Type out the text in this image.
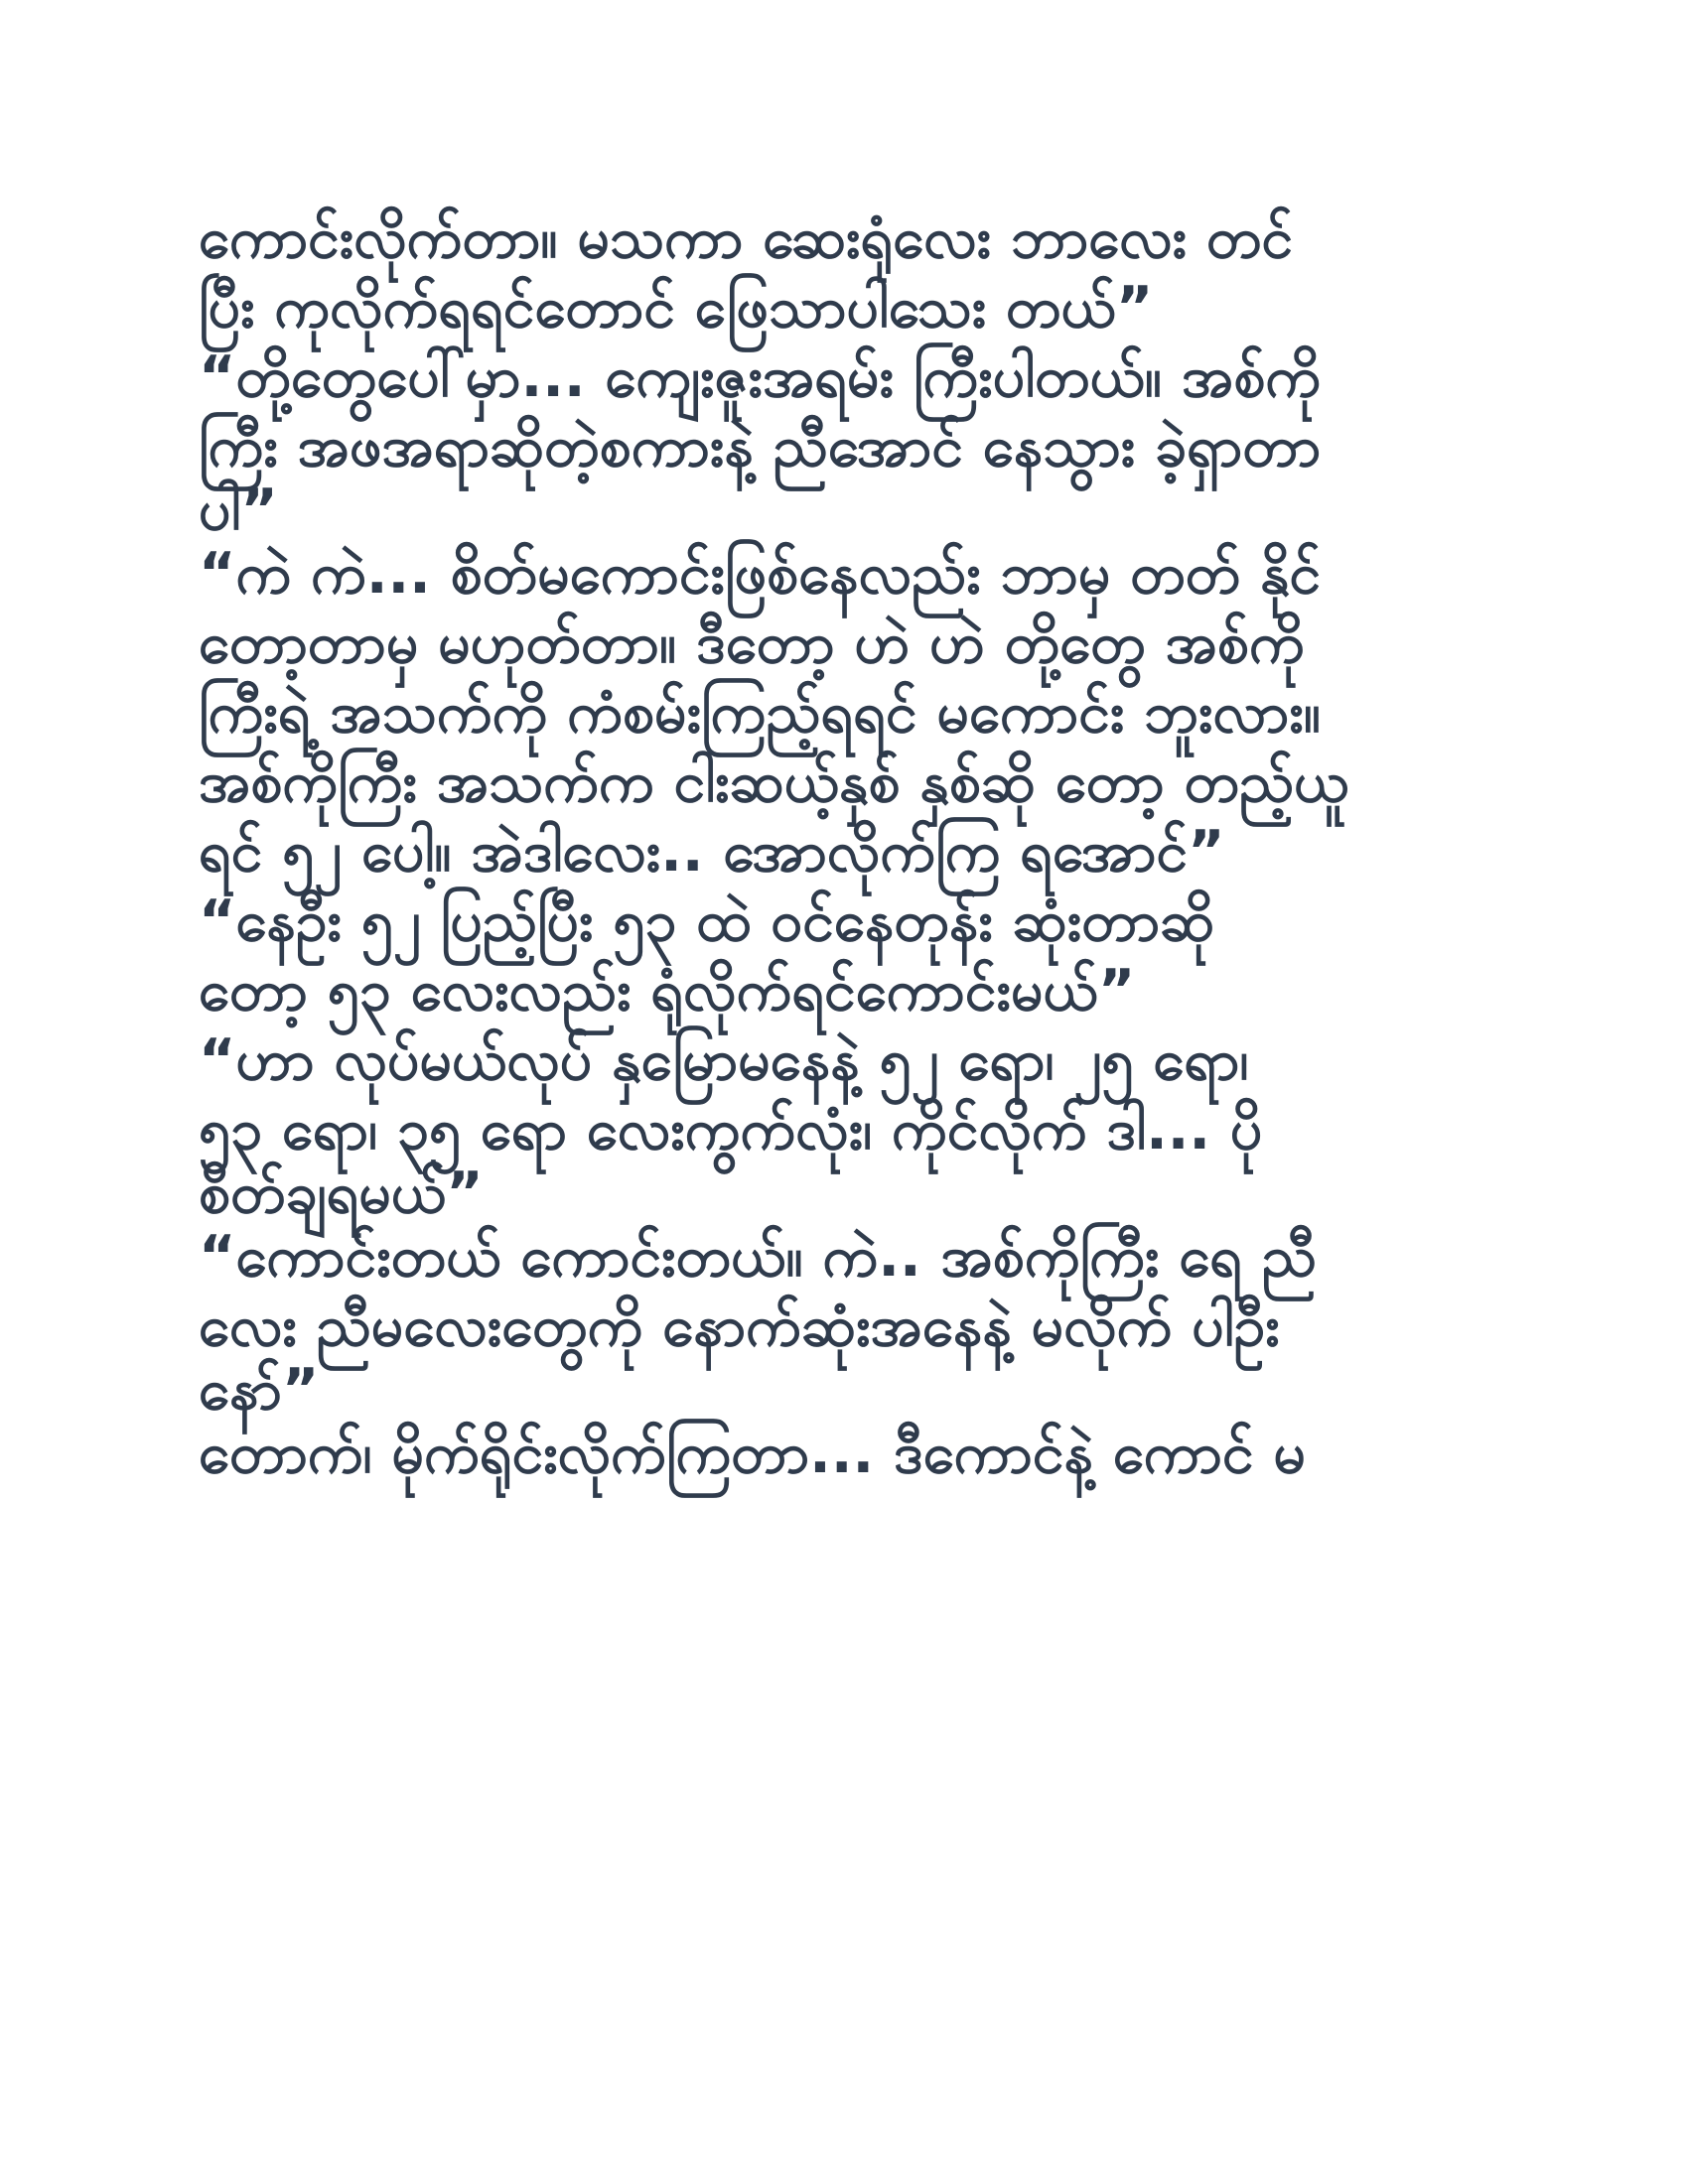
ကောင်းလိုက်တာ။ မသကာ ဆေးရုံလေး ဘာလေး တင်
ပြီး ကုလိုက်ရရင်တောင် ဖြေသာပါသေး တယ်”
“တို့တွေပေါ်မှာ... ကျေးဇူးအရမ်း ကြီးပါတယ်။ အစ်ကို
ကြီး အဖအရာဆိုတဲ့စကားနဲ့ ညီအောင် နေသွား ခဲ့ရှာတာ
ပါ”
“ကဲ ကဲ... စိတ်မကောင်းဖြစ်နေလည်း ဘာမှ တတ် နိုင်
တော့တာမှ မဟုတ်တာ။ ဒီတော့ ဟဲ ဟဲ တို့တွေ အစ်ကို
ကြီးရဲ့ အသက်ကို ကံစမ်းကြည့်ရရင် မကောင်း ဘူးလား။
အစ်ကိုကြီး အသက်က ငါးဆယ့်နှစ် နှစ်ဆို တော့ တည့်ယူ
ရင် ၅၂ ပေါ့။ အဲဒါလေး.. အောလိုက်ကြ ရအောင်”
“နေဦး ၅၂ ပြည့်ပြီး ၅၃ ထဲ ဝင်နေတုန်း ဆုံးတာဆို
တော့ ၅၃ လေးလည်း ရုံလိုက်ရင်ကောင်းမယ်”
“ဟာ လုပ်မယ်လုပ် နှမြောမနေနဲ့ ၅၂ ရော၊ ၂၅ ရော၊
၅၃ ရော၊ ၃၅ ရော လေးကွက်လုံး၊ ကိုင်လိုက် ဒါ... ပို
စိတ်ချရမယ်”
“ကောင်းတယ် ကောင်းတယ်။ ကဲ.. အစ်ကိုကြီး ရေ ညီ
လေး ညီမလေးတွေကို နောက်ဆုံးအနေနဲ့ မလိုက် ပါဦး
နော်”
တောက်၊ မိုက်ရိုင်းလိုက်ကြတာ... ဒီကောင်နဲ့ ကောင် မ
